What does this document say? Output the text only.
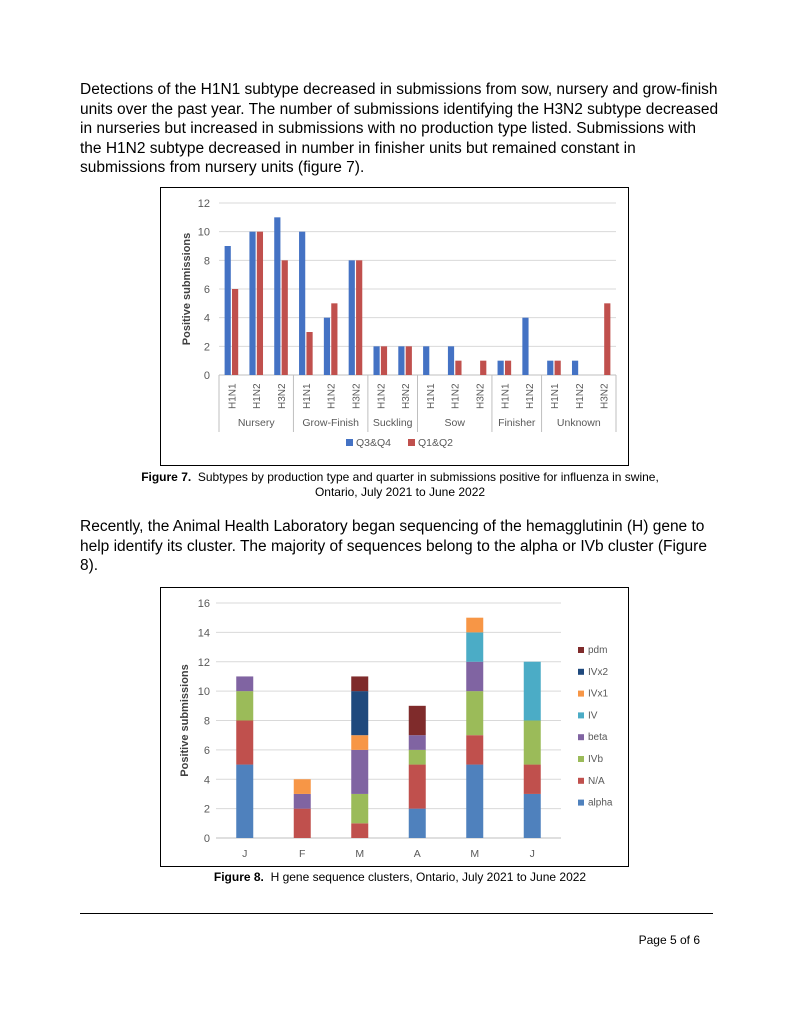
Detections of the H1N1 subtype decreased in submissions from sow, nursery and grow-finish units over the past year. The number of submissions identifying the H3N2 subtype decreased in nurseries but increased in submissions with no production type listed. Submissions with the H1N2 subtype decreased in number in finisher units but remained constant in submissions from nursery units (figure 7).

0
2
4
6
8
10
12
Positive submissions
H1N1 H1N2 H3N2
Nursery
H1N1 H1N2 H3N2
Grow-Finish
H1N2 H3N2
Suckling
H1N1 H1N2 H3N2
Sow
H1N1 H1N2
Finisher
H1N1 H1N2 H3N2
Unknown
Q3&Q4	Q1&Q2
Figure 7. Subtypes by production type and quarter in submissions positive for influenza in swine,
Ontario, July 2021 to June 2022

Recently, the Animal Health Laboratory began sequencing of the hemagglutinin (H) gene to help identify its cluster. The majority of sequences belong to the alpha or IVb cluster (Figure 8).

0
2
4
6
8
10
12
14
16
Positive submissions
J	F	M	A	M	J
pdm
IVx2
IVx1
IV
beta
IVb
N/A
alpha
Figure 8. H gene sequence clusters, Ontario, July 2021 to June 2022
Page 5 of 6
